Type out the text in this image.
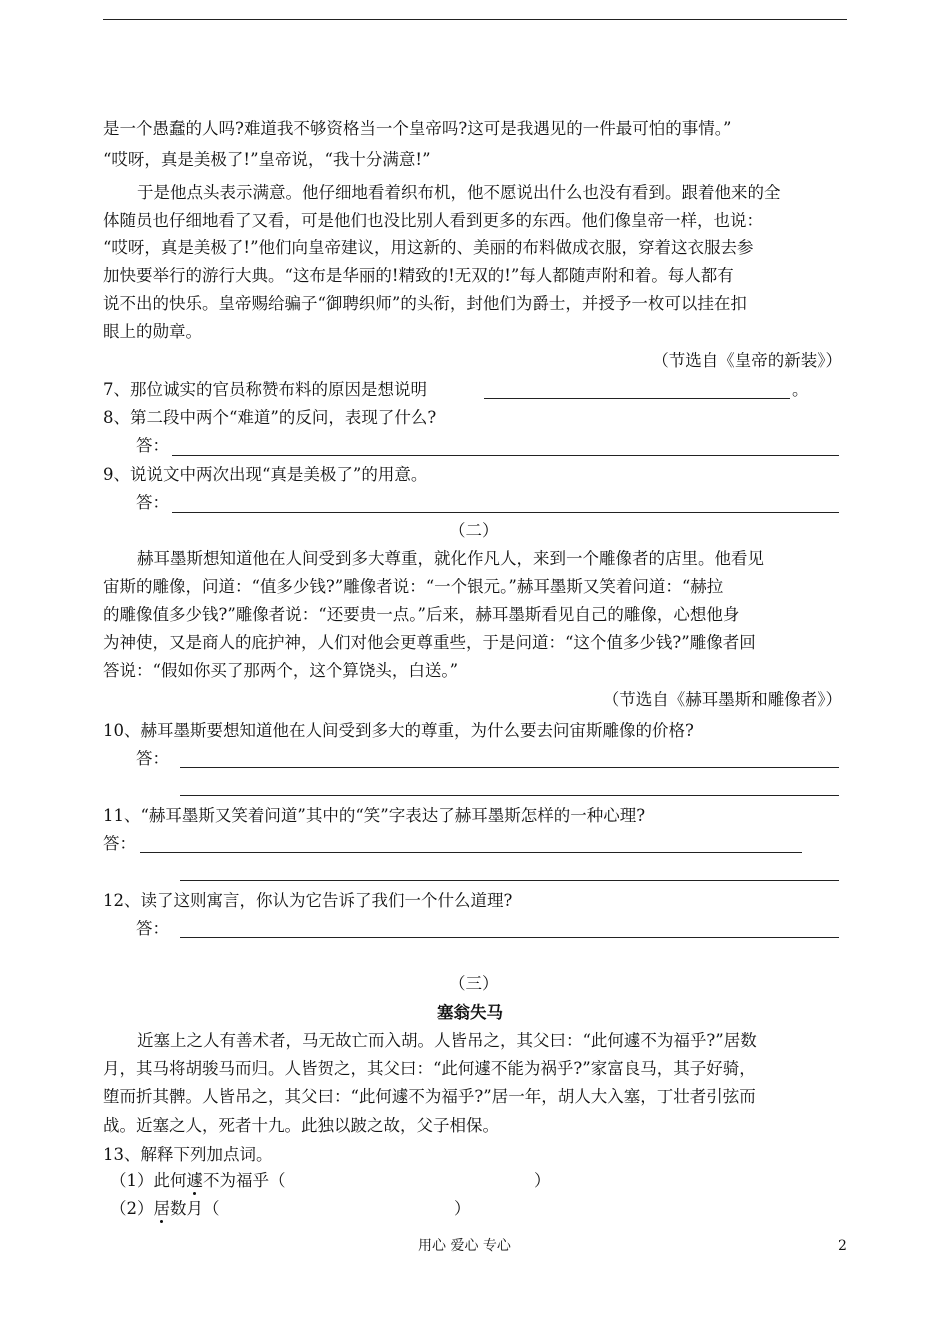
是一个愚蠢的人吗?难道我不够资格当一个皇帝吗?这可是我遇见的一件最可怕的事情。”
“哎呀，真是美极了!”皇帝说，“我十分满意!”
于是他点头表示满意。他仔细地看着织布机，他不愿说出什么也没有看到。跟着他来的全
体随员也仔细地看了又看，可是他们也没比别人看到更多的东西。他们像皇帝一样，也说：
“哎呀，真是美极了!”他们向皇帝建议，用这新的、美丽的布料做成衣服，穿着这衣服去参
加快要举行的游行大典。“这布是华丽的!精致的!无双的!”每人都随声附和着。每人都有
说不出的快乐。皇帝赐给骗子“御聘织师”的头衔，封他们为爵士，并授予一枚可以挂在扣
眼上的勋章。
（节选自《皇帝的新装》）
7、那位诚实的官员称赞布料的原因是想说明	。
8、第二段中两个“难道”的反问，表现了什么?
答：
9、说说文中两次出现“真是美极了”的用意。
答：
（二）
赫耳墨斯想知道他在人间受到多大尊重，就化作凡人，来到一个雕像者的店里。他看见
宙斯的雕像，问道：“值多少钱?”雕像者说：“一个银元。”赫耳墨斯又笑着问道：“赫拉
的雕像值多少钱?”雕像者说：“还要贵一点。”后来，赫耳墨斯看见自己的雕像，心想他身
为神使，又是商人的庇护神，人们对他会更尊重些，于是问道：“这个值多少钱?”雕像者回
答说：“假如你买了那两个，这个算饶头，白送。”
（节选自《赫耳墨斯和雕像者》）
10、赫耳墨斯要想知道他在人间受到多大的尊重，为什么要去问宙斯雕像的价格?
答：
11、“赫耳墨斯又笑着问道”其中的“笑”字表达了赫耳墨斯怎样的一种心理?
答：
12、读了这则寓言，你认为它告诉了我们一个什么道理?
答：
（三）
塞翁失马
近塞上之人有善术者，马无故亡而入胡。人皆吊之，其父曰：“此何遽不为福乎?”居数
月，其马将胡骏马而归。人皆贺之，其父曰：“此何遽不能为祸乎?”家富良马，其子好骑，
堕而折其髀。人皆吊之，其父曰：“此何遽不为福乎?”居一年，胡人大入塞，丁壮者引弦而
战。近塞之人，死者十九。此独以跛之故，父子相保。
13、解释下列加点词。
（1）此何遽不为福乎（	）
（2）居数月（	）
用心 爱心 专心	2
